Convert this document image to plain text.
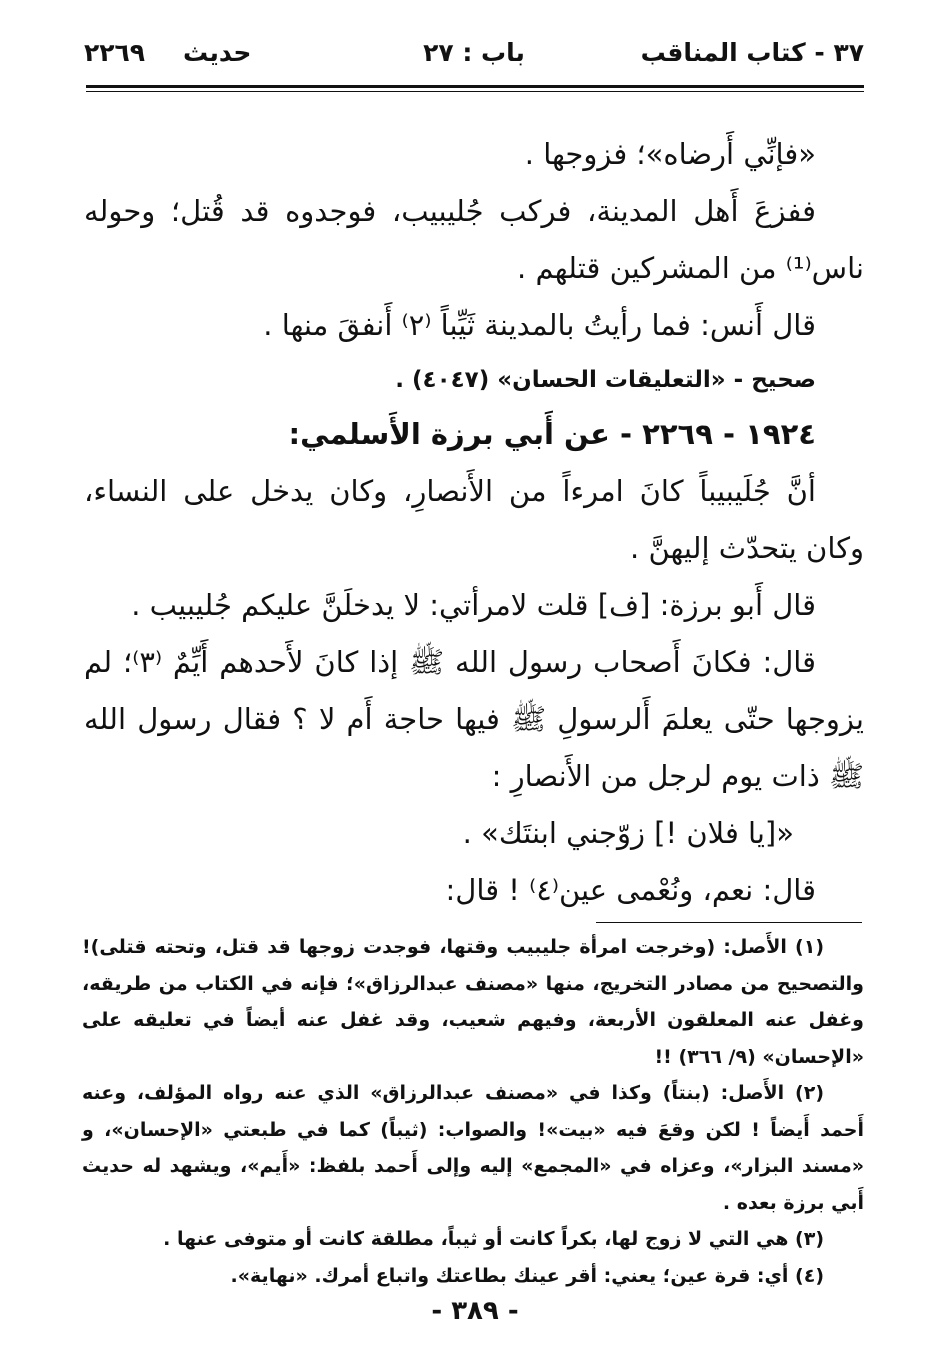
٣٧ - كتاب المناقب
باب : ٢٧
حديث٢٢٦٩

«فإنِّي أَرضاه»؛ فزوجها .

ففزعَ أَهل المدينة، فركب جُليبيب، فوجدوه قد قُتل؛ وحوله ناس⁽¹⁾ من المشركين قتلهم .

قال أَنس: فما رأيتُ بالمدينة ثَيِّباً ⁽٢⁾ أَنفقَ منها .

صحيح - «التعليقات الحسان» (٤٠٤٧) .

١٩٢٤ - ٢٢٦٩ - عن أَبي برزة الأَسلمي:

أنَّ جُلَيبيباً كانَ امرءاً من الأَنصارِ، وكان يدخل على النساء، وكان يتحدّث إليهنَّ .

قال أَبو برزة: [ف] قلت لامرأتي: لا يدخلَنَّ عليكم جُليبيب .

قال: فكانَ أَصحاب رسول الله ﷺ إذا كانَ لأَحدهم أَيِّمٌ ⁽٣⁾؛ لم يزوجها حتّى يعلمَ أَلرسولِ ﷺ فيها حاجة أَم لا ؟ فقال رسول الله ﷺ ذات يوم لرجل من الأَنصارِ :

«[يا فلان !] زوّجني ابنتَك» .

قال: نعم، ونُعْمى عين⁽٤⁾ ! قال:

(١) الأَصل: (وخرجت امرأة جليبيب وقتها، فوجدت زوجها قد قتل، وتحته قتلى)! والتصحيح من مصادر التخريج، منها «مصنف عبدالرزاق»؛ فإنه في الكتاب من طريقه، وغفل عنه المعلقون الأربعة، وفيهم شعيب، وقد غفل عنه أيضاً في تعليقه على «الإحسان» (٩/ ٣٦٦) !!

(٢) الأَصل: (بنتاً) وكذا في «مصنف عبدالرزاق» الذي عنه رواه المؤلف، وعنه أَحمد أَيضاً ! لكن وقعَ فيه «بيت»! والصواب: (ثيباً) كما في طبعتي «الإحسان»، و «مسند البزار»، وعزاه في «المجمع» إليه وإلى أَحمد بلفظ: «أَيم»، ويشهد له حديث أَبي برزة بعده .

(٣) هي التي لا زوج لها، بكراً كانت أو ثيباً، مطلقة كانت أو متوفى عنها .

(٤) أي: قرة عين؛ يعني: أقر عينك بطاعتك واتباع أمرك. «نهاية».

- ٣٨٩ -
